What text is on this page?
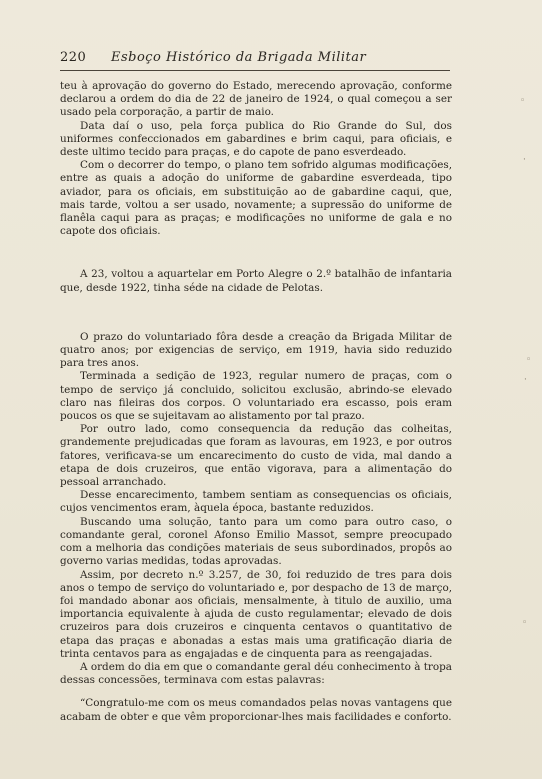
220 Esboço Histórico da Brigada Militar

teu à aprovação do governo do Estado, merecendo aprovação, conforme declarou a ordem do dia de 22 de janeiro de 1924, o qual começou a ser usado pela corporação, a partir de maio.

Data daí o uso, pela força publica do Rio Grande do Sul, dos uniformes confeccionados em gabardines e brim caqui, para oficiais, e deste ultimo tecido para praças, e do capote de pano esverdeado.

Com o decorrer do tempo, o plano tem sofrido algumas modificações, entre as quais a adoção do uniforme de gabardine esverdeada, tipo aviador, para os oficiais, em substituição ao de gabardine caqui, que, mais tarde, voltou a ser usado, novamente; a supressão do uniforme de flanêla caqui para as praças; e modificações no uniforme de gala e no capote dos oficiais.

A 23, voltou a aquartelar em Porto Alegre o 2.º batalhão de infantaria que, desde 1922, tinha séde na cidade de Pelotas.

O prazo do voluntariado fôra desde a creação da Brigada Militar de quatro anos; por exigencias de serviço, em 1919, havia sido reduzido para tres anos.

Terminada a sedição de 1923, regular numero de praças, com o tempo de serviço já concluido, solicitou exclusão, abrindo-se elevado claro nas fileiras dos corpos. O voluntariado era escasso, pois eram poucos os que se sujeitavam ao alistamento por tal prazo.

Por outro lado, como consequencia da redução das colheitas, grandemente prejudicadas que foram as lavouras, em 1923, e por outros fatores, verificava-se um encarecimento do custo de vida, mal dando a etapa de dois cruzeiros, que então vigorava, para a alimentação do pessoal arranchado.

Desse encarecimento, tambem sentiam as consequencias os oficiais, cujos vencimentos eram, àquela época, bastante reduzidos.

Buscando uma solução, tanto para um como para outro caso, o comandante geral, coronel Afonso Emilio Massot, sempre preocupado com a melhoria das condições materiais de seus subordinados, propôs ao governo varias medidas, todas aprovadas.

Assim, por decreto n.º 3.257, de 30, foi reduzido de tres para dois anos o tempo de serviço do voluntariado e, por despacho de 13 de março, foi mandado abonar aos oficiais, mensalmente, à titulo de auxilio, uma importancia equivalente à ajuda de custo regulamentar; elevado de dois cruzeiros para dois cruzeiros e cinquenta centavos o quantitativo de etapa das praças e abonadas a estas mais uma gratificação diaria de trinta centavos para as engajadas e de cinquenta para as reengajadas.

A ordem do dia em que o comandante geral déu conhecimento à tropa dessas concessões, terminava com estas palavras:

“Congratulo-me com os meus comandados pelas novas vantagens que acabam de obter e que vêm proporcionar-lhes mais facilidades e conforto.

◦
·
◦
·
◦
